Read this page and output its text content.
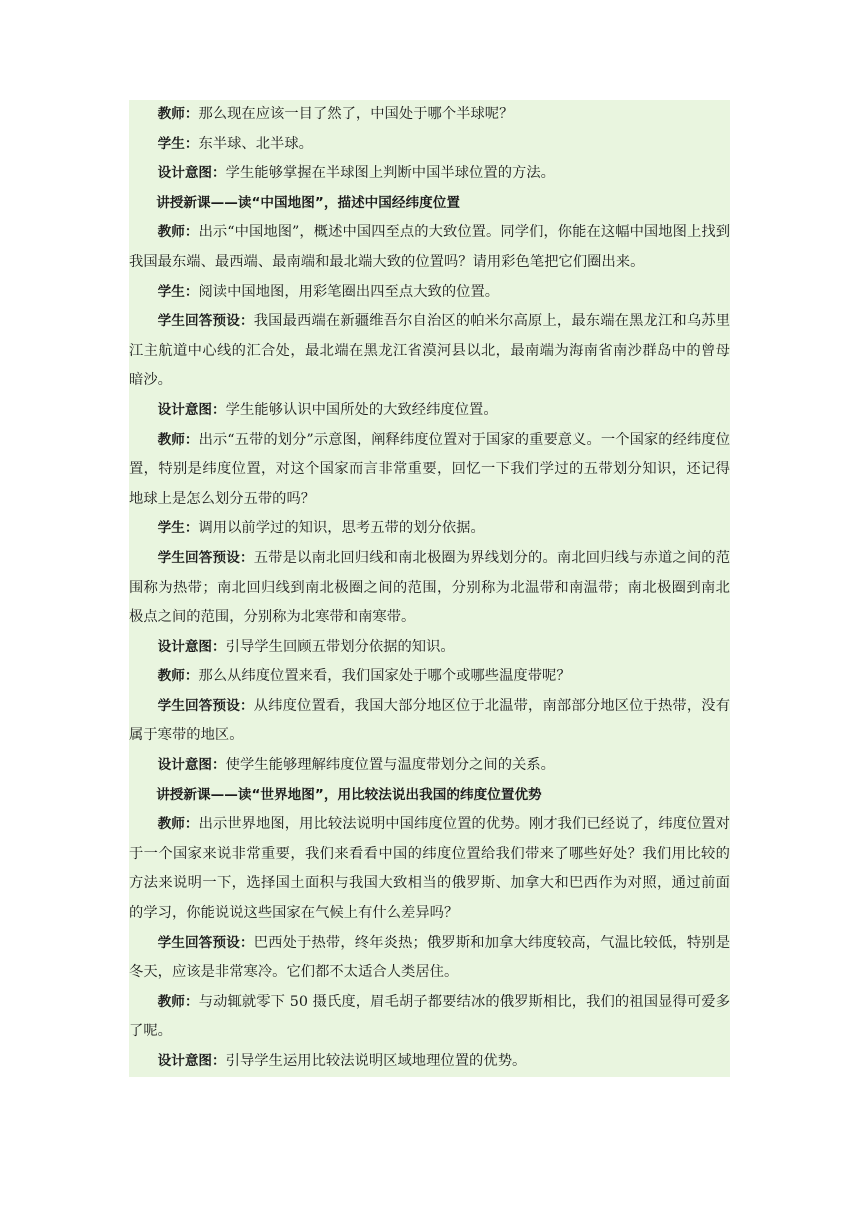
教师：那么现在应该一目了然了，中国处于哪个半球呢？

学生：东半球、北半球。

设计意图：学生能够掌握在半球图上判断中国半球位置的方法。

讲授新课——读“中国地图”，描述中国经纬度位置

教师：出示“中国地图”，概述中国四至点的大致位置。同学们，你能在这幅中国地图上找到我国最东端、最西端、最南端和最北端大致的位置吗？请用彩色笔把它们圈出来。

学生：阅读中国地图，用彩笔圈出四至点大致的位置。

学生回答预设：我国最西端在新疆维吾尔自治区的帕米尔高原上，最东端在黑龙江和乌苏里江主航道中心线的汇合处，最北端在黑龙江省漠河县以北，最南端为海南省南沙群岛中的曾母暗沙。

设计意图：学生能够认识中国所处的大致经纬度位置。

教师：出示“五带的划分”示意图，阐释纬度位置对于国家的重要意义。一个国家的经纬度位置，特别是纬度位置，对这个国家而言非常重要，回忆一下我们学过的五带划分知识，还记得地球上是怎么划分五带的吗？

学生：调用以前学过的知识，思考五带的划分依据。

学生回答预设：五带是以南北回归线和南北极圈为界线划分的。南北回归线与赤道之间的范围称为热带；南北回归线到南北极圈之间的范围，分别称为北温带和南温带；南北极圈到南北极点之间的范围，分别称为北寒带和南寒带。

设计意图：引导学生回顾五带划分依据的知识。

教师：那么从纬度位置来看，我们国家处于哪个或哪些温度带呢？

学生回答预设：从纬度位置看，我国大部分地区位于北温带，南部部分地区位于热带，没有属于寒带的地区。

设计意图：使学生能够理解纬度位置与温度带划分之间的关系。

讲授新课——读“世界地图”，用比较法说出我国的纬度位置优势

教师：出示世界地图，用比较法说明中国纬度位置的优势。刚才我们已经说了，纬度位置对于一个国家来说非常重要，我们来看看中国的纬度位置给我们带来了哪些好处？我们用比较的方法来说明一下，选择国土面积与我国大致相当的俄罗斯、加拿大和巴西作为对照，通过前面的学习，你能说说这些国家在气候上有什么差异吗？

学生回答预设：巴西处于热带，终年炎热；俄罗斯和加拿大纬度较高，气温比较低，特别是冬天，应该是非常寒冷。它们都不太适合人类居住。

教师：与动辄就零下 50 摄氏度，眉毛胡子都要结冰的俄罗斯相比，我们的祖国显得可爱多了呢。

设计意图：引导学生运用比较法说明区域地理位置的优势。
